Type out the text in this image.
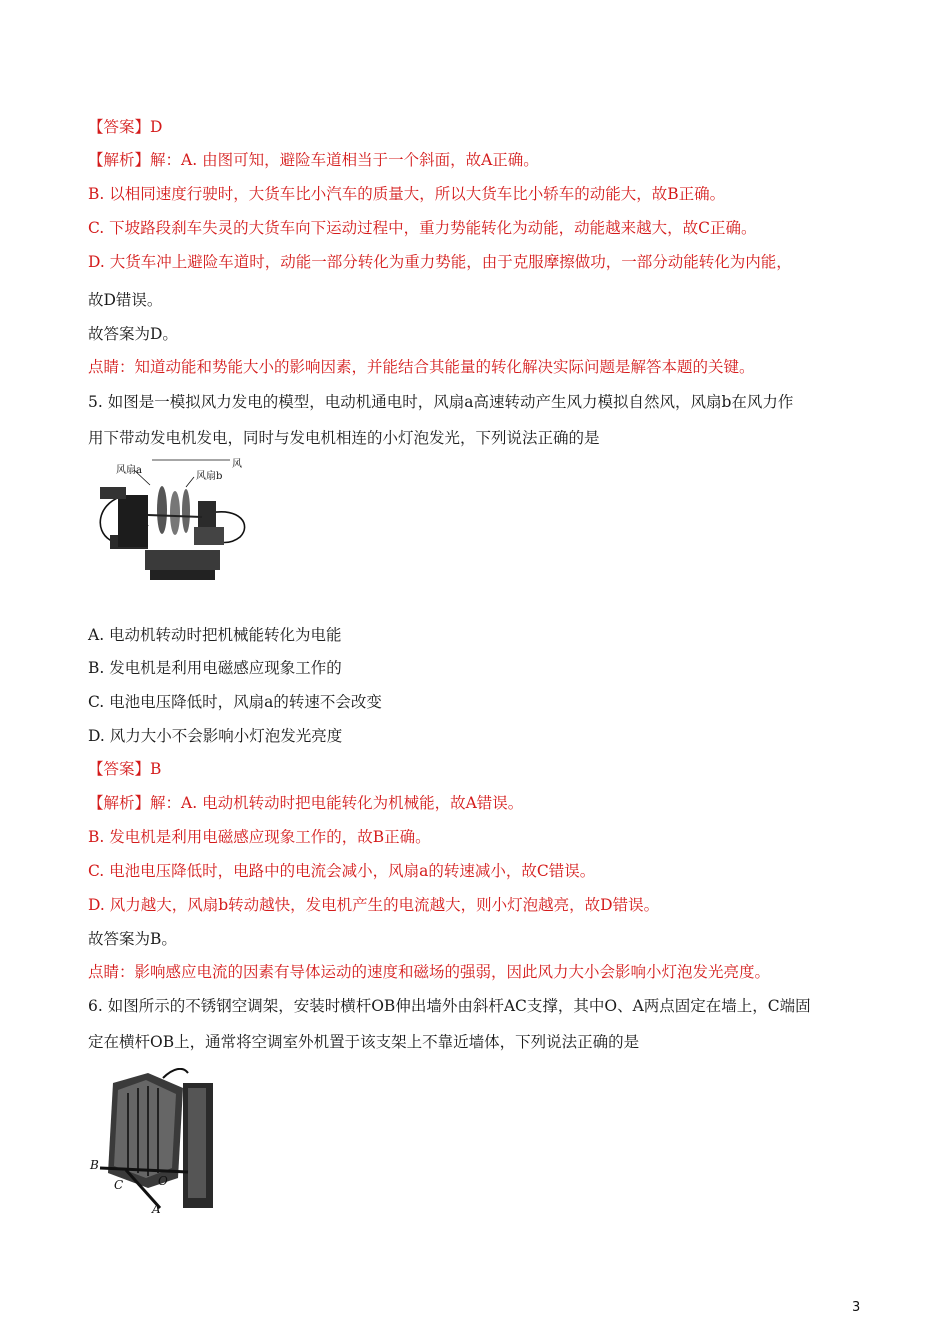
【答案】D
【解析】解：A. 由图可知，避险车道相当于一个斜面，故A正确。
B. 以相同速度行驶时，大货车比小汽车的质量大，所以大货车比小轿车的动能大，故B正确。
C. 下坡路段刹车失灵的大货车向下运动过程中，重力势能转化为动能，动能越来越大，故C正确。
D. 大货车冲上避险车道时，动能一部分转化为重力势能，由于克服摩擦做功，一部分动能转化为内能，
故D错误。
故答案为D。
点睛：知道动能和势能大小的影响因素，并能结合其能量的转化解决实际问题是解答本题的关键。
5. 如图是一模拟风力发电的模型，电动机通电时，风扇a高速转动产生风力模拟自然风，风扇b在风力作
用下带动发电机发电，同时与发电机相连的小灯泡发光，下列说法正确的是
风扇a
风扇b
风
A. 电动机转动时把机械能转化为电能
B. 发电机是利用电磁感应现象工作的
C. 电池电压降低时，风扇a的转速不会改变
D. 风力大小不会影响小灯泡发光亮度
【答案】B
【解析】解：A. 电动机转动时把电能转化为机械能，故A错误。
B. 发电机是利用电磁感应现象工作的，故B正确。
C. 电池电压降低时，电路中的电流会减小，风扇a的转速减小，故C错误。
D. 风力越大，风扇b转动越快，发电机产生的电流越大，则小灯泡越亮，故D错误。
故答案为B。
点睛：影响感应电流的因素有导体运动的速度和磁场的强弱，因此风力大小会影响小灯泡发光亮度。
6. 如图所示的不锈钢空调架，安装时横杆OB伸出墙外由斜杆AC支撑，其中O、A两点固定在墙上，C端固
定在横杆OB上，通常将空调室外机置于该支架上不靠近墙体，下列说法正确的是
B
C	O
A
3
